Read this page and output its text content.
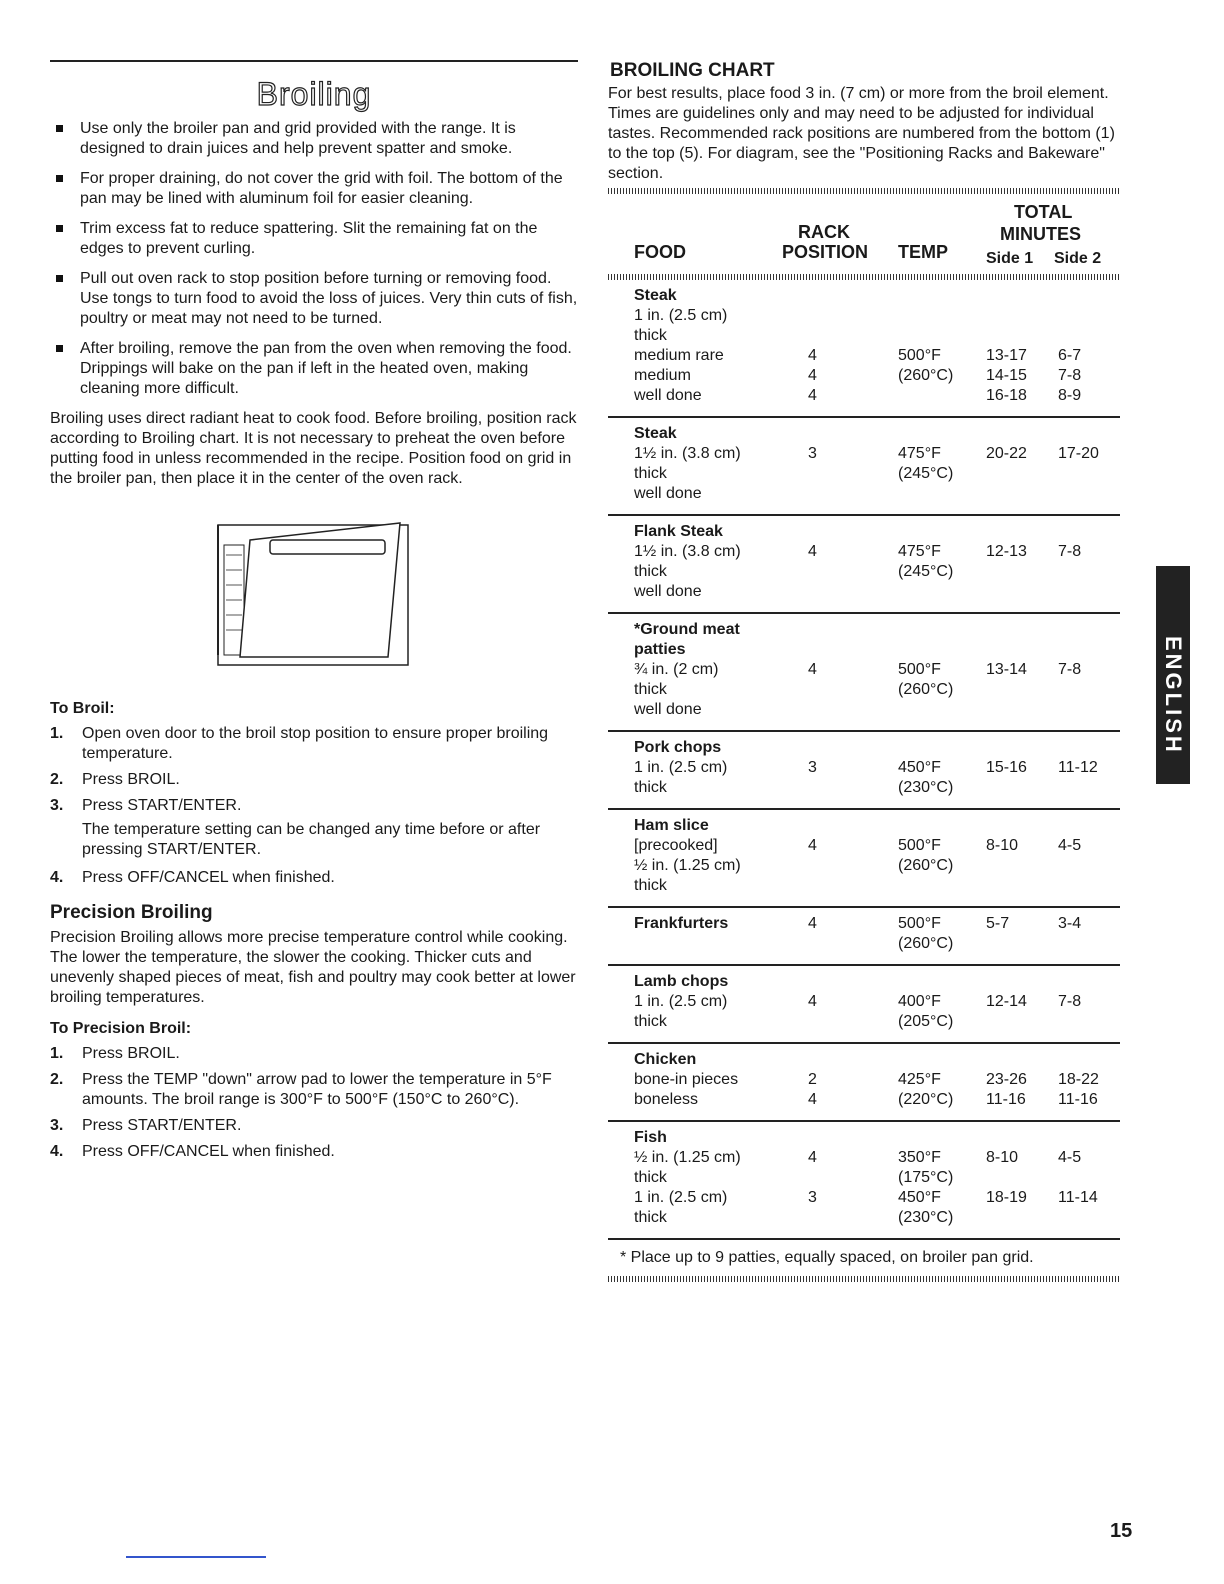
Broiling
Use only the broiler pan and grid provided with the range. It is designed to drain juices and help prevent spatter and smoke.
For proper draining, do not cover the grid with foil. The bottom of the pan may be lined with aluminum foil for easier cleaning.
Trim excess fat to reduce spattering. Slit the remaining fat on the edges to prevent curling.
Pull out oven rack to stop position before turning or removing food. Use tongs to turn food to avoid the loss of juices. Very thin cuts of fish, poultry or meat may not need to be turned.
After broiling, remove the pan from the oven when removing the food. Drippings will bake on the pan if left in the heated oven, making cleaning more difficult.

Broiling uses direct radiant heat to cook food. Before broiling, position rack according to Broiling chart. It is not necessary to preheat the oven before putting food in unless recommended in the recipe. Position food on grid in the broiler pan, then place it in the center of the oven rack.

To Broil:
1. Open oven door to the broil stop position to ensure proper broiling temperature.
2. Press BROIL.
3. Press START/ENTER.
The temperature setting can be changed any time before or after pressing START/ENTER.
4. Press OFF/CANCEL when finished.
Precision Broiling

Precision Broiling allows more precise temperature control while cooking. The lower the temperature, the slower the cooking. Thicker cuts and unevenly shaped pieces of meat, fish and poultry may cook better at lower broiling temperatures.

To Precision Broil:
1. Press BROIL.
2. Press the TEMP "down" arrow pad to lower the temperature in 5°F amounts. The broil range is 300°F to 500°F (150°C to 260°C).
3. Press START/ENTER.
4. Press OFF/CANCEL when finished.
BROILING CHART

For best results, place food 3 in. (7 cm) or more from the broil element. Times are guidelines only and may need to be adjusted for individual tastes. Recommended rack positions are numbered from the bottom (1) to the top (5). For diagram, see the "Positioning Racks and Bakeware" section.

FOOD
RACK
POSITION TEMP
TOTAL
MINUTES
Side 1 Side 2
Steak
1 in. (2.5 cm)
thick
medium rare	4	500°F	13-17 6-7
medium	4	(260°C) 14-15 7-8
well done	4	16-18 8-9
Steak
1½ in. (3.8 cm)	3	475°F	20-22 17-20
thick	(245°C)
well done
Flank Steak
1½ in. (3.8 cm)	4	475°F	12-13 7-8
thick	(245°C)
well done
*Ground meat
patties
¾ in. (2 cm)	4	500°F	13-14 7-8
thick	(260°C)
well done
Pork chops
1 in. (2.5 cm)	3	450°F	15-16 11-12
thick	(230°C)
Ham slice
[precooked]	4	500°F	8-10 4-5
½ in. (1.25 cm)	(260°C)
thick
Frankfurters	4	500°F	5-7	3-4
(260°C)
Lamb chops
1 in. (2.5 cm)	4	400°F	12-14 7-8
thick	(205°C)
Chicken
bone-in pieces	2	425°F	23-26 18-22
boneless	4	(220°C) 11-16 11-16
Fish
½ in. (1.25 cm)	4	350°F	8-10 4-5
thick	(175°C)
1 in. (2.5 cm)	3	450°F	18-19 11-14
thick	(230°C)
* Place up to 9 patties, equally spaced, on broiler pan grid.
ENGLISH
15
